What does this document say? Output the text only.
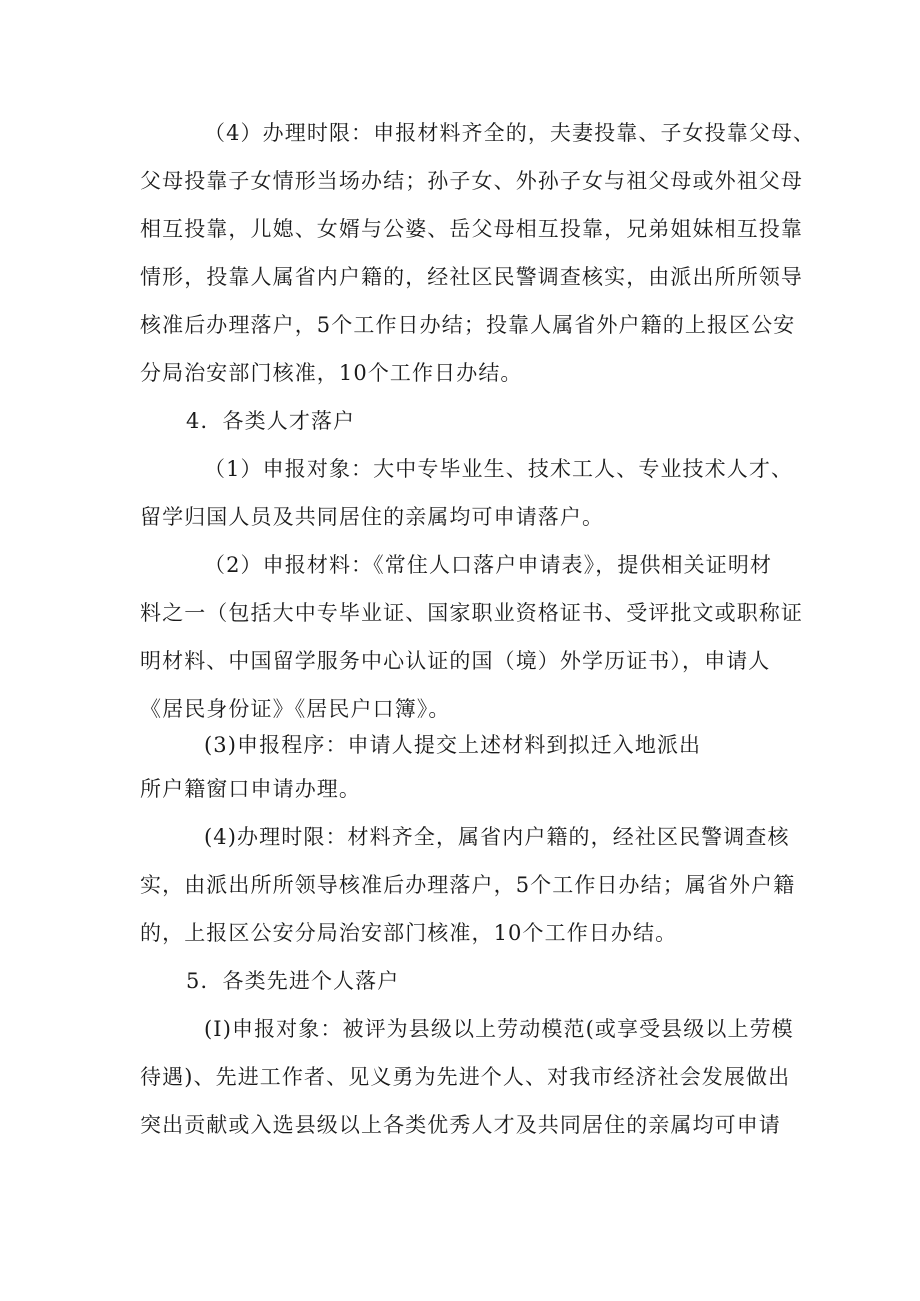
（4）办理时限：申报材料齐全的，夫妻投靠、子女投靠父母、
父母投靠子女情形当场办结；孙子女、外孙子女与祖父母或外祖父母
相互投靠，儿媳、女婿与公婆、岳父母相互投靠，兄弟姐妹相互投靠
情形，投靠人属省内户籍的，经社区民警调查核实，由派出所所领导
核准后办理落户，5个工作日办结；投靠人属省外户籍的上报区公安
分局治安部门核准，10个工作日办结。
4．各类人才落户
（1）申报对象：大中专毕业生、技术工人、专业技术人才、
留学归国人员及共同居住的亲属均可申请落户。
（2）申报材料：《常住人口落户申请表》，提供相关证明材
料之一（包括大中专毕业证、国家职业资格证书、受评批文或职称证
明材料、中国留学服务中心认证的国（境）外学历证书），申请人
《居民身份证》《居民户口簿》。
(3)申报程序：申请人提交上述材料到拟迁入地派出
所户籍窗口申请办理。
(4)办理时限：材料齐全，属省内户籍的，经社区民警调查核
实，由派出所所领导核准后办理落户，5个工作日办结；属省外户籍
的，上报区公安分局治安部门核准，10个工作日办结。
5．各类先进个人落户
(I)申报对象：被评为县级以上劳动模范(或享受县级以上劳模
待遇)、先进工作者、见义勇为先进个人、对我市经济社会发展做出
突出贡献或入选县级以上各类优秀人才及共同居住的亲属均可申请
